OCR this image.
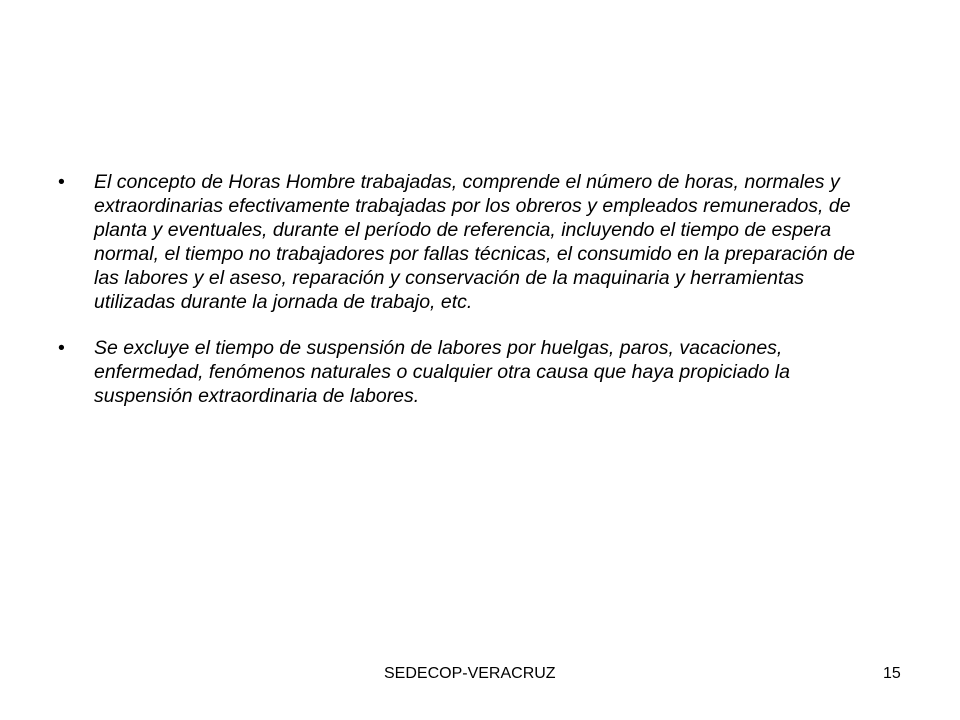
• El concepto de Horas Hombre trabajadas, comprende el número de horas, normales y extraordinarias efectivamente trabajadas por los obreros y empleados remunerados, de planta y eventuales, durante el período de referencia, incluyendo el tiempo de espera normal, el tiempo no trabajadores por fallas técnicas, el consumido en la preparación de las labores y el aseso, reparación y conservación de la maquinaria y herramientas utilizadas durante la jornada de trabajo, etc.
• Se excluye el tiempo de suspensión de labores por huelgas, paros, vacaciones, enfermedad, fenómenos naturales o cualquier otra causa que haya propiciado la suspensión extraordinaria de labores.
SEDECOP-VERACRUZ	15
